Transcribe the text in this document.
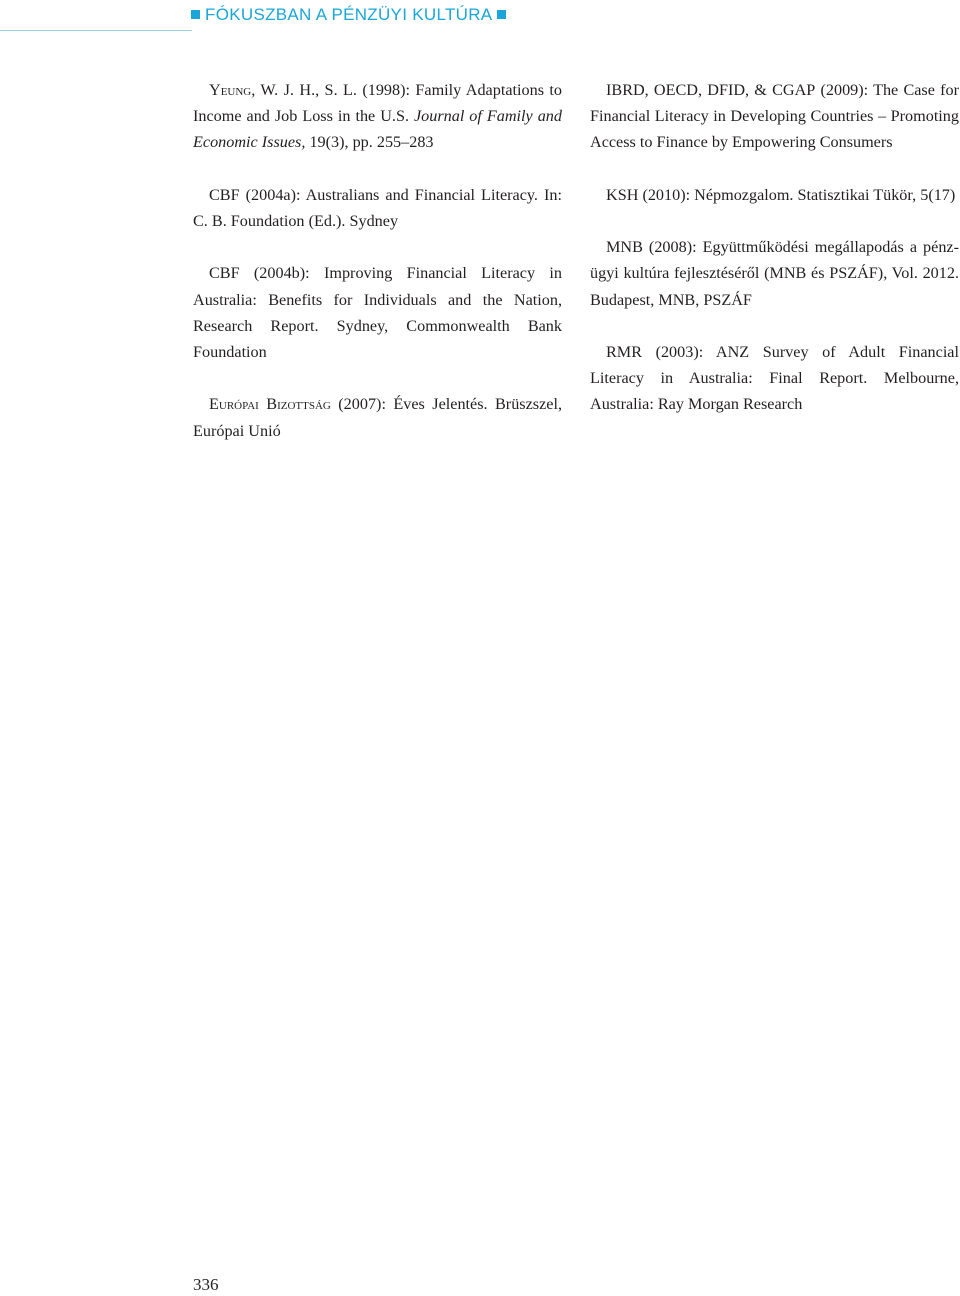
FÓKUSZBAN A PÉNZÜYI KULTÚRA

Yeung, W. J. H., S. L. (1998): Family Adaptations to Income and Job Loss in the U.S. Journal of Family and Economic Issues, 19(3), pp. 255–283

CBF (2004a): Australians and Financial Literacy. In: C. B. Foundation (Ed.). Sydney

CBF (2004b): Improving Financial Literacy in Australia: Benefits for Individuals and the Nation, Research Report. Sydney, Commonwealth Bank Foundation

Európai Bizottság (2007): Éves Jelentés. Brüszszel, Európai Unió

IBRD, OECD, DFID, & CGAP (2009): The Case for Financial Literacy in Developing Countries – Promoting Access to Finance by Empowering Consumers

KSH (2010): Népmozgalom. Statisztikai Tükör, 5(17)

MNB (2008): Együttműködési megállapodás a pénzügyi kultúra fejlesztéséről (MNB és PSZÁF), Vol. 2012. Budapest, MNB, PSZÁF

RMR (2003): ANZ Survey of Adult Financial Literacy in Australia: Final Report. Melbourne, Australia: Ray Morgan Research

336
